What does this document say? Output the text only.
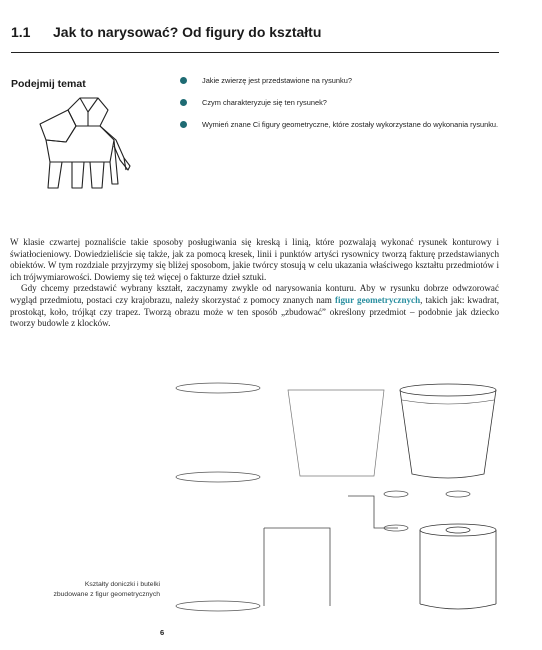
1.1 Jak to narysować? Od figury do kształtu
Podejmij temat	Jakie zwierzę jest przedstawione na rysunku?
Czym charakteryzuje się ten rysunek?
Wymień znane Ci figury geometryczne, które zostały wykorzystane do wykonania rysunku.

W klasie czwartej poznaliście takie sposoby posługiwania się kreską i linią, które pozwalają wykonać rysunek konturowy i światłocieniowy. Dowiedzieliście się także, jak za pomocą kresek, linii i punktów artyści rysownicy tworzą fakturę przedstawianych obiektów. W tym rozdziale przyjrzymy się bliżej sposobom, jakie twórcy stosują w celu ukazania właściwego kształtu przedmiotów i ich trójwymiarowości. Dowiemy się też więcej o fakturze dzieł sztuki.

Gdy chcemy przedstawić wybrany kształt, zaczynamy zwykle od narysowania konturu. Aby w rysunku dobrze odwzorować wygląd przedmiotu, postaci czy krajobrazu, należy skorzystać z pomocy znanych nam figur geometrycznych, takich jak: kwadrat, prostokąt, koło, trójkąt czy trapez. Tworzą obrazu może w ten sposób „zbudować” określony przedmiot – podobnie jak dziecko tworzy budowle z klocków.

Kształty doniczki i butelki zbudowane z figur geometrycznych
6
